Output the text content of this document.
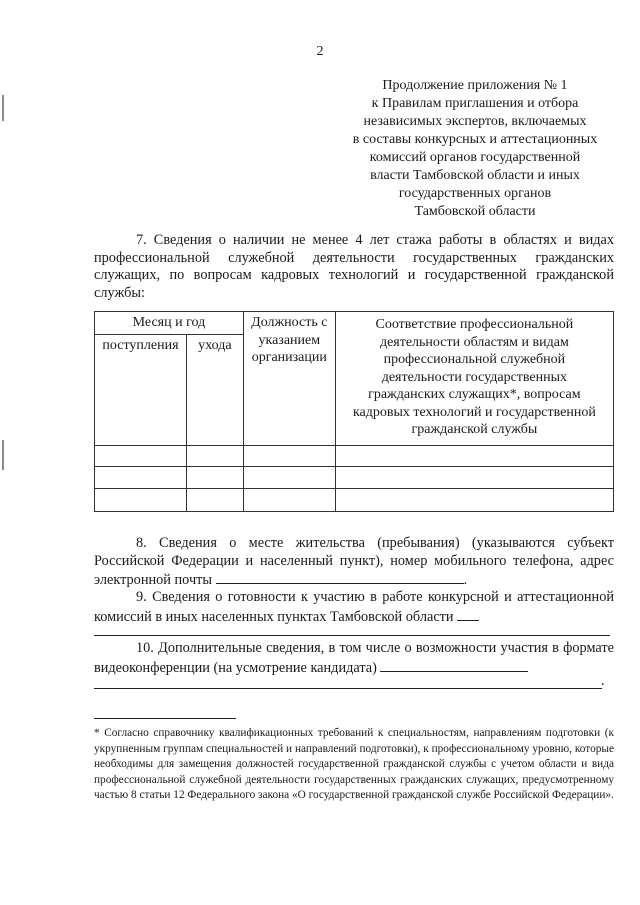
2
Продолжение приложения № 1
к Правилам приглашения и отбора
независимых экспертов, включаемых
в составы конкурсных и аттестационных
комиссий органов государственной
власти Тамбовской области и иных
государственных органов
Тамбовской области
7. Сведения о наличии не менее 4 лет стажа работы в областях и видах профессиональной служебной деятельности государственных гражданских служащих, по вопросам кадровых технологий и государственной гражданской службы:
Месяц и год		Должность с указанием организации	Соответствие профессиональной деятельности областям и видам профессиональной служебной деятельности государственных гражданских служащих*, вопросам кадровых технологий и государственной гражданской службы
поступления	ухода		

8. Сведения о месте жительства (пребывания) (указываются субъект Российской Федерации и населенный пункт), номер мобильного телефона, адрес электронной почты	.
9. Сведения о готовности к участию в работе конкурсной и аттестационной комиссий в иных населенных пунктах Тамбовской области
10. Дополнительные сведения, в том числе о возможности участия в формате видеоконференции (на усмотрение кандидата)
.
* Согласно справочнику квалификационных требований к специальностям, направлениям подготовки (к укрупненным группам специальностей и направлений подготовки), к профессиональному уровню, которые необходимы для замещения должностей государственной гражданской службы с учетом области и вида профессиональной служебной деятельности государственных гражданских служащих, предусмотренному частью 8 статьи 12 Федерального закона «О государственной гражданской службе Российской Федерации».
